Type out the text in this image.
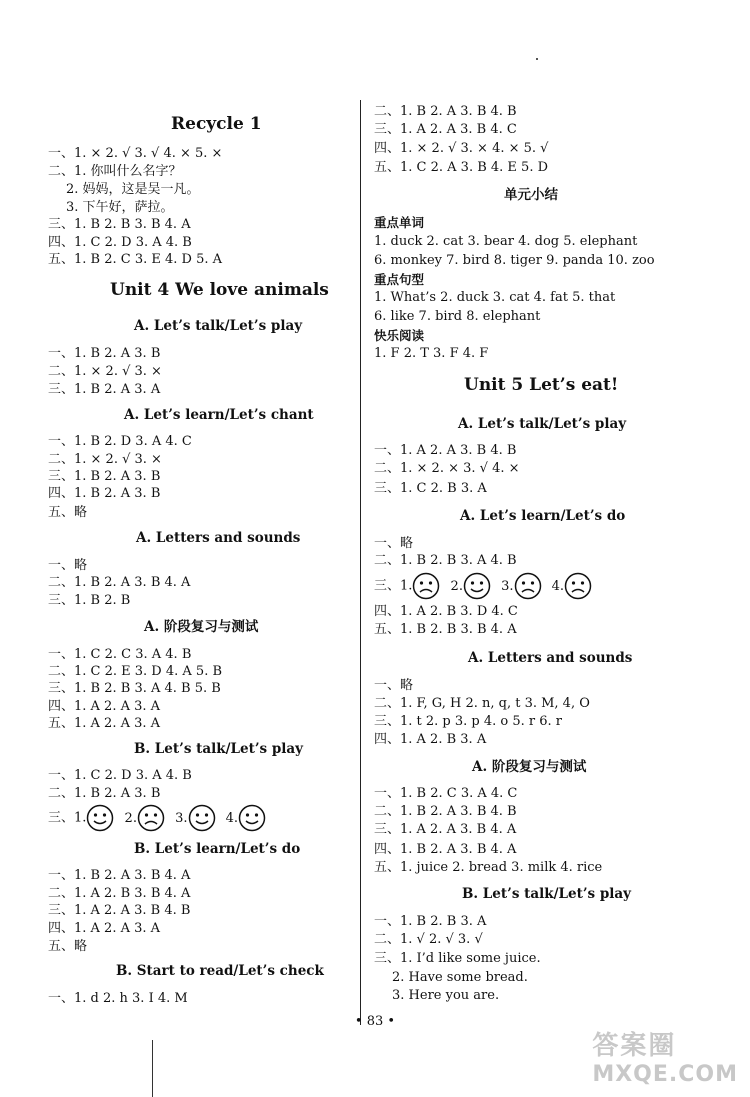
Recycle 1
一、1. × 2. √ 3. √ 4. × 5. ×
二、1. 你叫什么名字？
2. 妈妈，这是吴一凡。
3. 下午好，萨拉。
三、1. B 2. B 3. B 4. A
四、1. C 2. D 3. A 4. B
五、1. B 2. C 3. E 4. D 5. A
Unit 4 We love animals
A. Let’s talk/Let’s play
一、1. B 2. A 3. B
二、1. × 2. √ 3. ×
三、1. B 2. A 3. A
A. Let’s learn/Let’s chant
一、1. B 2. D 3. A 4. C
二、1. × 2. √ 3. ×
三、1. B 2. A 3. B
四、1. B 2. A 3. B
五、略
A. Letters and sounds
一、略
二、1. B 2. A 3. B 4. A
三、1. B 2. B
A. 阶段复习与测试
一、1. C 2. C 3. A 4. B
二、1. C 2. E 3. D 4. A 5. B
三、1. B 2. B 3. A 4. B 5. B
四、1. A 2. A 3. A
五、1. A 2. A 3. A
B. Let’s talk/Let’s play
一、1. C 2. D 3. A 4. B
二、1. B 2. A 3. B
三、1.	2.	3.	4.
B. Let’s learn/Let’s do
一、1. B 2. A 3. B 4. A
二、1. A 2. B 3. B 4. A
三、1. A 2. A 3. B 4. B
四、1. A 2. A 3. A
五、略
B. Start to read/Let’s check
一、1. d 2. h 3. I 4. M
二、1. B 2. A 3. B 4. B
三、1. A 2. A 3. B 4. C
四、1. × 2. √ 3. × 4. × 5. √
五、1. C 2. A 3. B 4. E 5. D
单元小结
重点单词
1. duck 2. cat 3. bear 4. dog 5. elephant
6. monkey 7. bird 8. tiger 9. panda 10. zoo
重点句型
1. What’s 2. duck 3. cat 4. fat 5. that
6. like 7. bird 8. elephant
快乐阅读
1. F 2. T 3. F 4. F
Unit 5 Let’s eat!
A. Let’s talk/Let’s play
一、1. A 2. A 3. B 4. B
二、1. × 2. × 3. √ 4. ×
三、1. C 2. B 3. A
A. Let’s learn/Let’s do
一、略
二、1. B 2. B 3. A 4. B
三、1.	2.	3.	4.
四、1. A 2. B 3. D 4. C
五、1. B 2. B 3. B 4. A
A. Letters and sounds
一、略
二、1. F, G, H 2. n, q, t 3. M, 4, O
三、1. t 2. p 3. p 4. o 5. r 6. r
四、1. A 2. B 3. A
A. 阶段复习与测试
一、1. B 2. C 3. A 4. C
二、1. B 2. A 3. B 4. B
三、1. A 2. A 3. B 4. A
四、1. B 2. A 3. B 4. A
五、1. juice 2. bread 3. milk 4. rice
B. Let’s talk/Let’s play
一、1. B 2. B 3. A
二、1. √ 2. √ 3. √
三、1. I’d like some juice.
2. Have some bread.
3. Here you are.
• 83 •
答案圈
MXQE.COM
